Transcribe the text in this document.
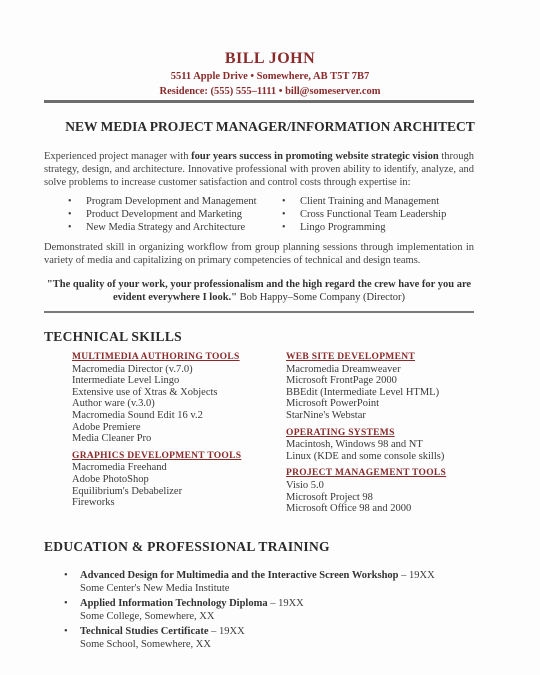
BILL JOHN
5511 Apple Drive • Somewhere, AB T5T 7B7
Residence: (555) 555–1111 • bill@someserver.com
NEW MEDIA PROJECT MANAGER/INFORMATION ARCHITECT
Experienced project manager with four years success in promoting website strategic vision through strategy, design, and architecture. Innovative professional with proven ability to identify, analyze, and solve problems to increase customer satisfaction and control costs through expertise in:
• Program Development and Management
• Product Development and Marketing
• New Media Strategy and Architecture
• Client Training and Management
• Cross Functional Team Leadership
• Lingo Programming
Demonstrated skill in organizing workflow from group planning sessions through implementation in variety of media and capitalizing on primary competencies of technical and design teams.
"The quality of your work, your professionalism and the high regard the crew have for you are evident everywhere I look." Bob Happy–Some Company (Director)
TECHNICAL SKILLS
MULTIMEDIA AUTHORING TOOLS
Macromedia Director (v.7.0)
Intermediate Level Lingo
Extensive use of Xtras & Xobjects
Author ware (v.3.0)
Macromedia Sound Edit 16 v.2
Adobe Premiere
Media Cleaner Pro
GRAPHICS DEVELOPMENT TOOLS
Macromedia Freehand
Adobe PhotoShop
Equilibrium's Debabelizer
Fireworks
WEB SITE DEVELOPMENT
Macromedia Dreamweaver
Microsoft FrontPage 2000
BBEdit (Intermediate Level HTML)
Microsoft PowerPoint
StarNine's Webstar
OPERATING SYSTEMS
Macintosh, Windows 98 and NT
Linux (KDE and some console skills)
PROJECT MANAGEMENT TOOLS
Visio 5.0
Microsoft Project 98
Microsoft Office 98 and 2000
EDUCATION & PROFESSIONAL TRAINING
• Advanced Design for Multimedia and the Interactive Screen Workshop – 19XX
Some Center's New Media Institute
• Applied Information Technology Diploma – 19XX
Some College, Somewhere, XX
• Technical Studies Certificate – 19XX
Some School, Somewhere, XX
